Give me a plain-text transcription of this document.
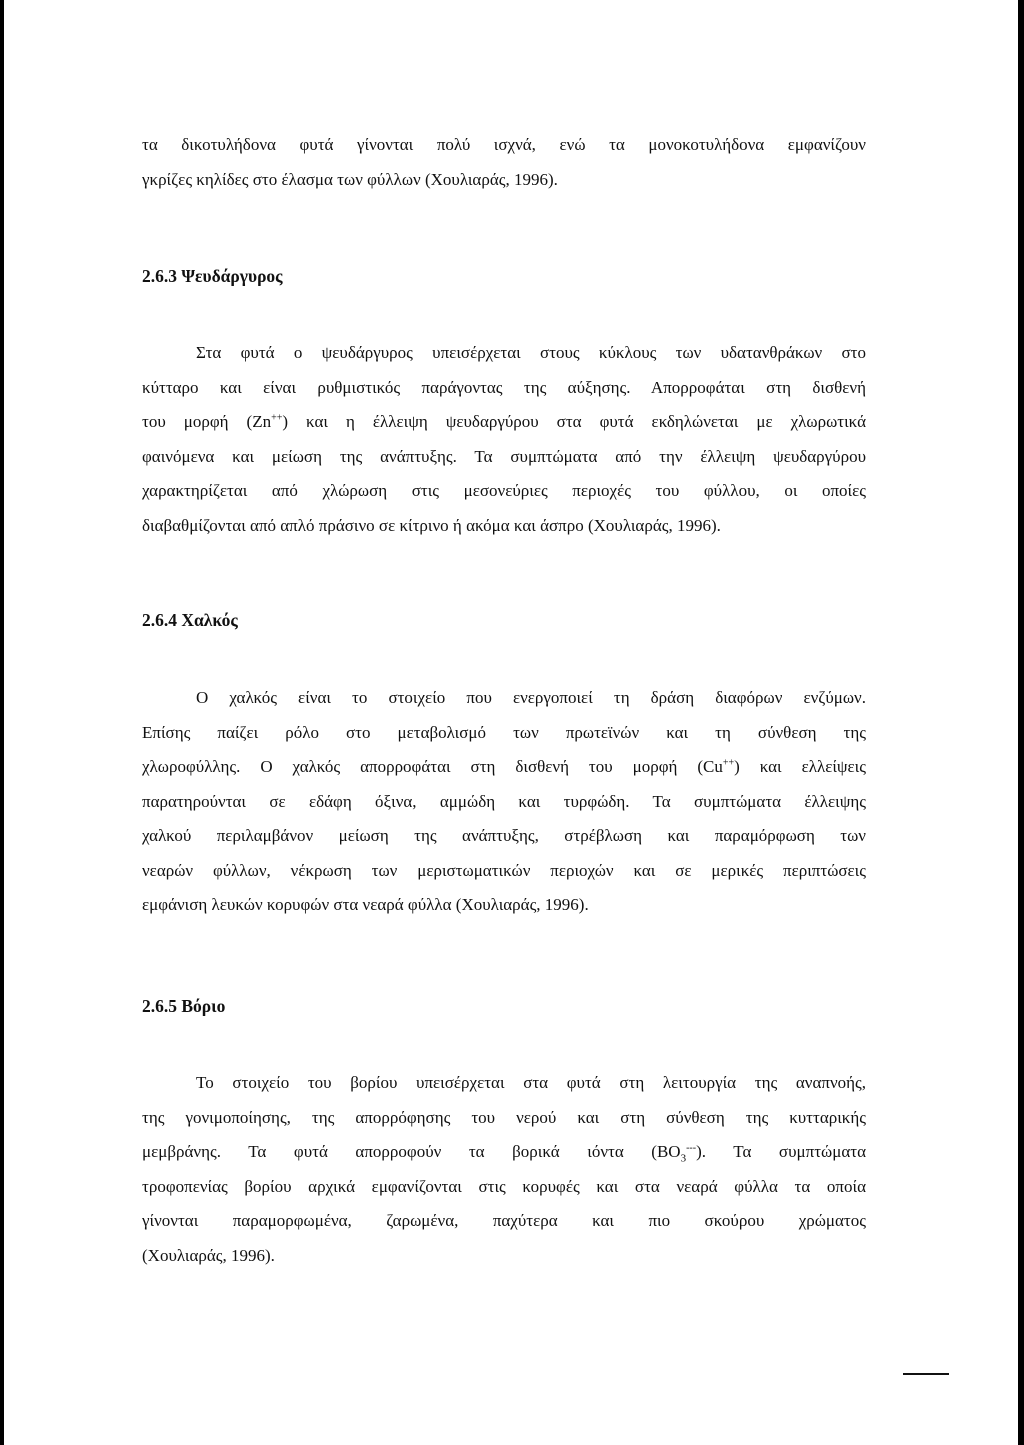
τα δικοτυλήδονα φυτά γίνονται πολύ ισχνά, ενώ τα μονοκοτυλήδονα εμφανίζουν
γκρίζες κηλίδες στο έλασμα των φύλλων (Χουλιαράς, 1996).
2.6.3 Ψευδάργυρος
Στα φυτά ο ψευδάργυρος υπεισέρχεται στους κύκλους των υδατανθράκων στο
κύτταρο και είναι ρυθμιστικός παράγοντας της αύξησης. Απορροφάται στη δισθενή
του μορφή (Zn++) και η έλλειψη ψευδαργύρου στα φυτά εκδηλώνεται με χλωρωτικά
φαινόμενα και μείωση της ανάπτυξης. Τα συμπτώματα από την έλλειψη ψευδαργύρου
χαρακτηρίζεται από χλώρωση στις μεσονεύριες περιοχές του φύλλου, οι οποίες
διαβαθμίζονται από απλό πράσινο σε κίτρινο ή ακόμα και άσπρο (Χουλιαράς, 1996).
2.6.4 Χαλκός
Ο χαλκός είναι το στοιχείο που ενεργοποιεί τη δράση διαφόρων ενζύμων.
Επίσης παίζει ρόλο στο μεταβολισμό των πρωτεϊνών και τη σύνθεση της
χλωροφύλλης. Ο χαλκός απορροφάται στη δισθενή του μορφή (Cu++) και ελλείψεις
παρατηρούνται σε εδάφη όξινα, αμμώδη και τυρφώδη. Τα συμπτώματα έλλειψης
χαλκού περιλαμβάνον μείωση της ανάπτυξης, στρέβλωση και παραμόρφωση των
νεαρών φύλλων, νέκρωση των μεριστωματικών περιοχών και σε μερικές περιπτώσεις
εμφάνιση λευκών κορυφών στα νεαρά φύλλα (Χουλιαράς, 1996).
2.6.5 Βόριο
Το στοιχείο του βορίου υπεισέρχεται στα φυτά στη λειτουργία της αναπνοής,
της γονιμοποίησης, της απορρόφησης του νερού και στη σύνθεση της κυτταρικής
μεμβράνης. Τα φυτά απορροφούν τα βορικά ιόντα $(BO_3^{---})$. Τα συμπτώματα
τροφοπενίας βορίου αρχικά εμφανίζονται στις κορυφές και στα νεαρά φύλλα τα οποία
γίνονται παραμορφωμένα, ζαρωμένα, παχύτερα και πιο σκούρου χρώματος
(Χουλιαράς, 1996).
